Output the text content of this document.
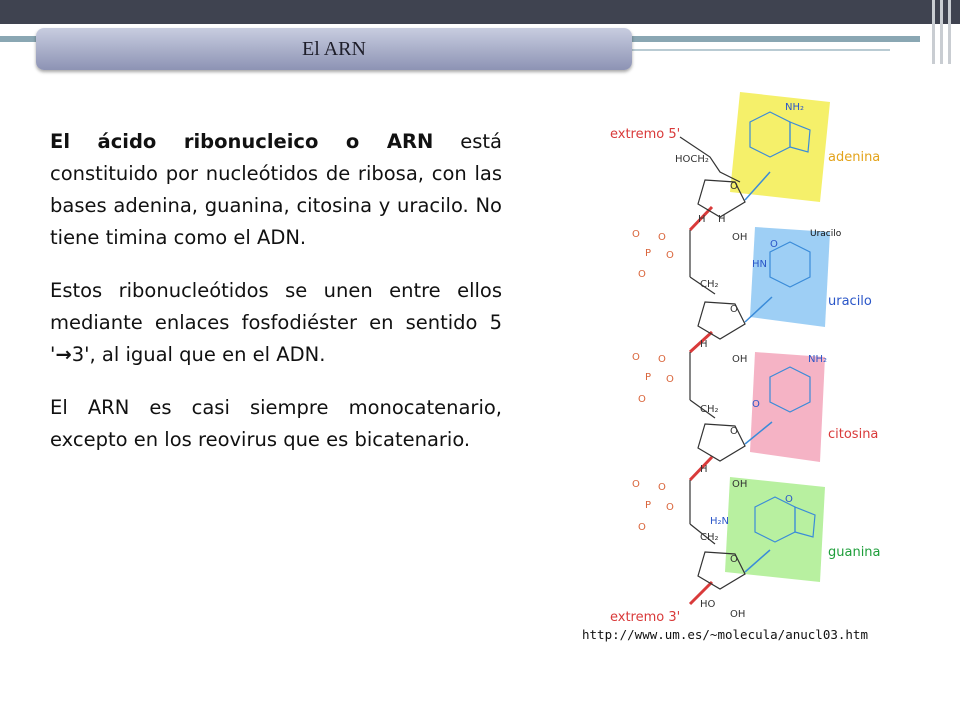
El ARN

El ácido ribonucleico o ARN está constituido por nucleótidos de ribosa, con las bases adenina, guanina, citosina y uracilo. No tiene timina como el ADN.

Estos ribonucleótidos se unen entre ellos mediante enlaces fosfodiéster en sentido 5 '→3', al igual que en el ADN.

El ARN es casi siempre monocatenario, excepto en los reovirus que es bicatenario.

O O
P O
O
O O
P O
O
O O
P O
O
HOCH₂
O
H H
OH
CH₂
O
H
OH
CH₂
O
H
OH
CH₂
O
HO
OH
NH₂
O
HN
NH₂
O
O
H₂N
extremo 5'
adenina
Uracilo
uracilo
citosina
guanina
extremo 3'
http://www.um.es/~molecula/anucl03.htm
